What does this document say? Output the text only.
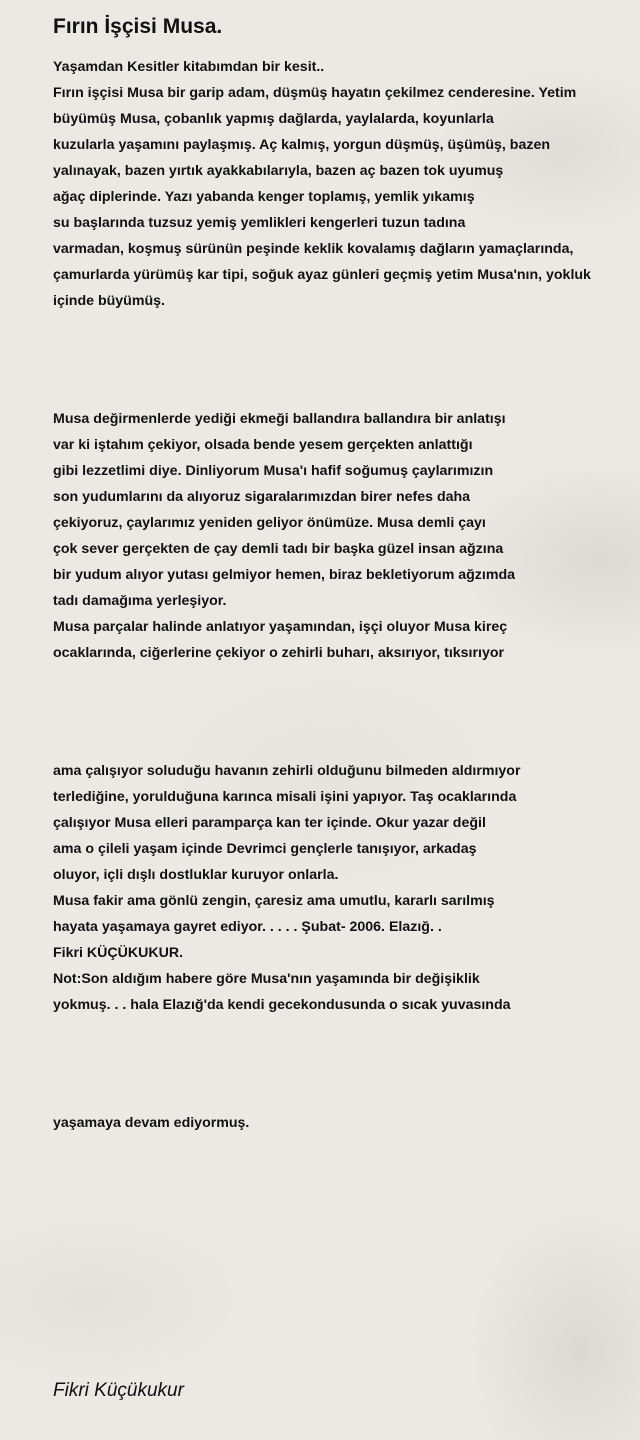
Fırın İşçisi Musa.
Yaşamdan Kesitler kitabımdan bir kesit..
Fırın işçisi Musa bir garip adam, düşmüş hayatın çekilmez cenderesine. Yetim
büyümüş Musa, çobanlık yapmış dağlarda, yaylalarda, koyunlarla
kuzularla yaşamını paylaşmış. Aç kalmış, yorgun düşmüş, üşümüş, bazen
yalınayak, bazen yırtık ayakkabılarıyla, bazen aç bazen tok uyumuş
ağaç diplerinde. Yazı yabanda kenger toplamış, yemlik yıkamış
su başlarında tuzsuz yemiş yemlikleri kengerleri tuzun tadına
varmadan, koşmuş sürünün peşinde keklik kovalamış dağların yamaçlarında,
çamurlarda yürümüş kar tipi, soğuk ayaz günleri geçmiş yetim Musa'nın, yokluk
içinde büyümüş.
Musa değirmenlerde yediği ekmeği ballandıra ballandıra bir anlatışı
var ki iştahım çekiyor, olsada bende yesem gerçekten anlattığı
gibi lezzetlimi diye. Dinliyorum Musa'ı hafif soğumuş çaylarımızın
son yudumlarını da alıyoruz sigaralarımızdan birer nefes daha
çekiyoruz, çaylarımız yeniden geliyor önümüze. Musa demli çayı
çok sever gerçekten de çay demli tadı bir başka güzel insan ağzına
bir yudum alıyor yutası gelmiyor hemen, biraz bekletiyorum ağzımda
tadı damağıma yerleşiyor.
Musa parçalar halinde anlatıyor yaşamından, işçi oluyor Musa kireç
ocaklarında, ciğerlerine çekiyor o zehirli buharı, aksırıyor, tıksırıyor
ama çalışıyor soluduğu havanın zehirli olduğunu bilmeden aldırmıyor
terlediğine, yorulduğuna karınca misali işini yapıyor. Taş ocaklarında
çalışıyor Musa elleri paramparça kan ter içinde. Okur yazar değil
ama o çileli yaşam içinde Devrimci gençlerle tanışıyor, arkadaş
oluyor, içli dışlı dostluklar kuruyor onlarla.
Musa fakir ama gönlü zengin, çaresiz ama umutlu, kararlı sarılmış
hayata yaşamaya gayret ediyor. . . . . Şubat- 2006. Elazığ. .
Fikri KÜÇÜKUKUR.
Not:Son aldığım habere göre Musa'nın yaşamında bir değişiklik
yokmuş. . . hala Elazığ'da kendi gecekondusunda o sıcak yuvasında
yaşamaya devam ediyormuş.
Fikri Küçükukur
